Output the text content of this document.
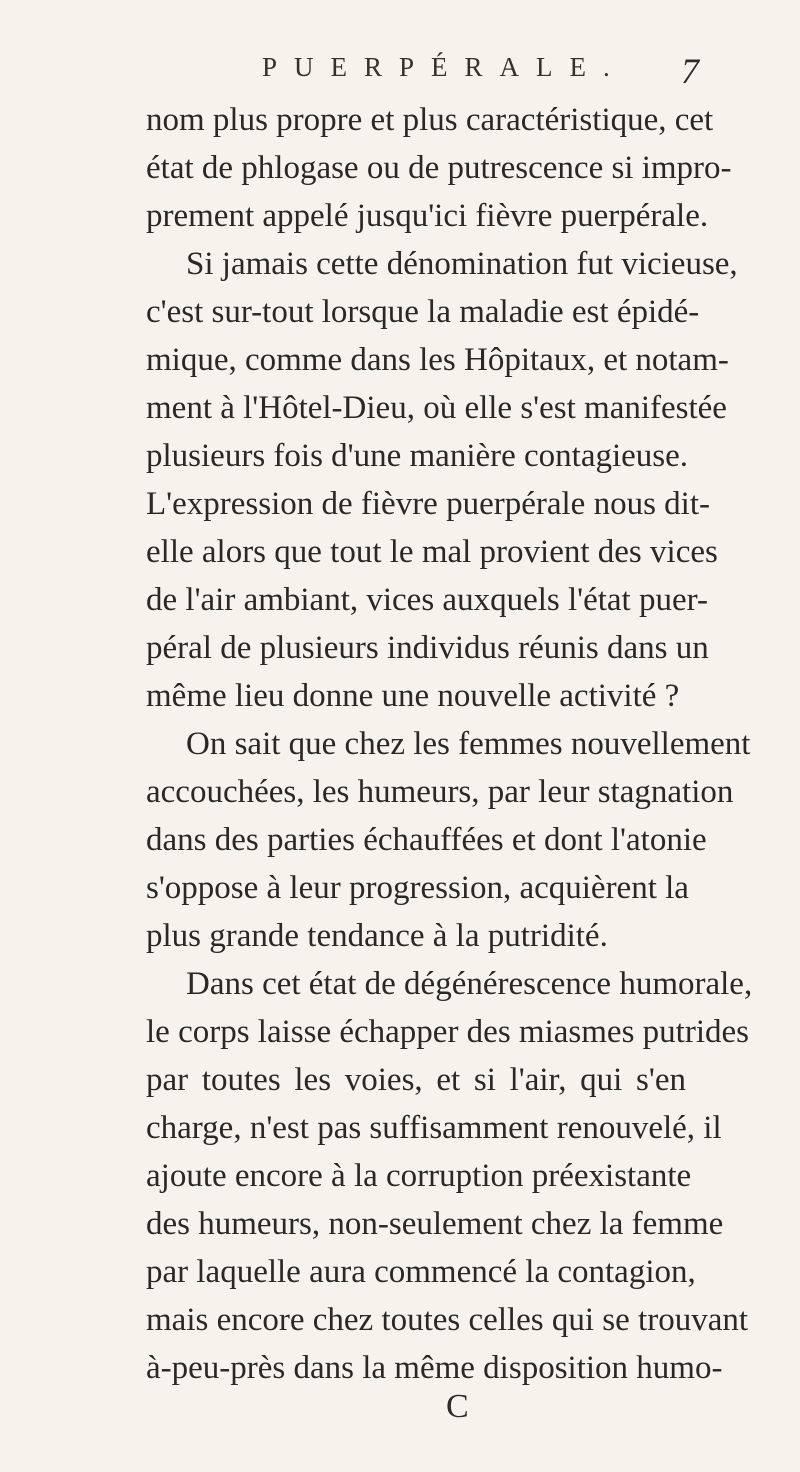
PUERPÉRALE. 7
nom plus propre et plus caractéristique, cet
état de phlogase ou de putrescence si impro-
prement appelé jusqu'ici fièvre puerpérale.
Si jamais cette dénomination fut vicieuse,
c'est sur-tout lorsque la maladie est épidé-
mique, comme dans les Hôpitaux, et notam-
ment à l'Hôtel-Dieu, où elle s'est manifestée
plusieurs fois d'une manière contagieuse.
L'expression de fièvre puerpérale nous dit-
elle alors que tout le mal provient des vices
de l'air ambiant, vices auxquels l'état puer-
péral de plusieurs individus réunis dans un
même lieu donne une nouvelle activité ?
On sait que chez les femmes nouvellement
accouchées, les humeurs, par leur stagnation
dans des parties échauffées et dont l'atonie
s'oppose à leur progression, acquièrent la
plus grande tendance à la putridité.
Dans cet état de dégénérescence humorale,
le corps laisse échapper des miasmes putrides
par toutes les voies, et si l'air, qui s'en
charge, n'est pas suffisamment renouvelé, il
ajoute encore à la corruption préexistante
des humeurs, non-seulement chez la femme
par laquelle aura commencé la contagion,
mais encore chez toutes celles qui se trouvant
à-peu-près dans la même disposition humo-
C
